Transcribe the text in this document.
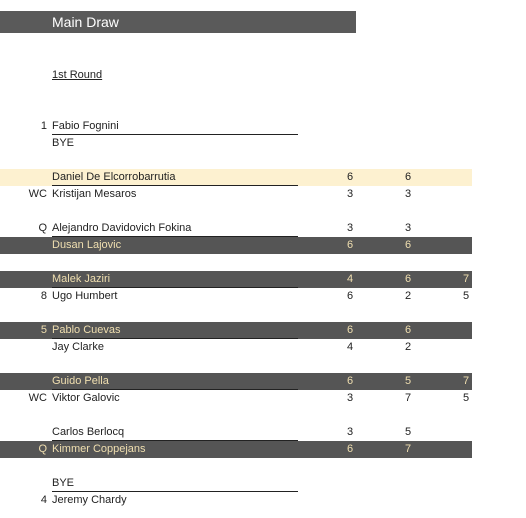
Main Draw
1st Round
1 Fabio Fognini
BYE
Daniel De Elcorrobarrutia	6	6
WC Kristijan Mesaros	3	3
Q Alejandro Davidovich Fokina	3	3
Dusan Lajovic	6	6
Malek Jaziri	4	6	7
8 Ugo Humbert	6	2	5
5 Pablo Cuevas	6	6
Jay Clarke	4	2
Guido Pella	6	5	7
WC Viktor Galovic	3	7	5
Carlos Berlocq	3	5
Q Kimmer Coppejans	6	7
BYE
4 Jeremy Chardy
